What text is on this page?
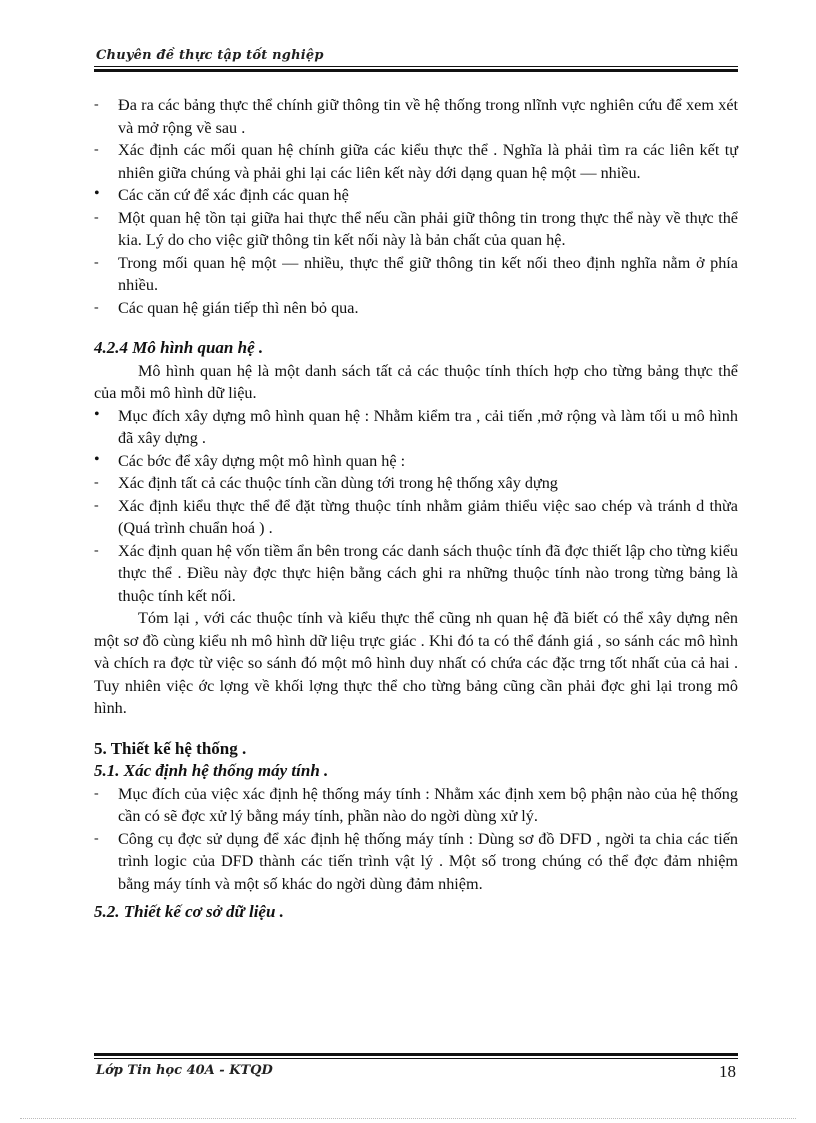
Chuyên đề thực tập tốt nghiệp

-	Đa ra các bảng thực thể chính giữ thông tin về hệ thống trong nlĩnh vực nghiên cứu để xem xét và mở rộng về sau .

-	Xác định các mối quan hệ chính giữa các kiểu thực thể . Nghĩa là phải tìm ra các liên kết tự nhiên giữa chúng và phải ghi lại các liên kết này dới dạng quan hệ một — nhiều.

•	Các căn cứ để xác định các quan hệ

-	Một quan hệ tồn tại giữa hai thực thể nếu cần phải giữ thông tin trong thực thể này về thực thể kia. Lý do cho việc giữ thông tin kết nối này là bản chất của quan hệ.

-	Trong mối quan hệ một — nhiều, thực thể giữ thông tin kết nối theo định nghĩa nằm ở phía nhiều.

-	Các quan hệ gián tiếp thì nên bỏ qua.

4.2.4 Mô hình quan hệ .

Mô hình quan hệ là một danh sách tất cả các thuộc tính thích hợp cho từng bảng thực thể của mỗi mô hình dữ liệu.

•	Mục đích xây dựng mô hình quan hệ : Nhằm kiểm tra , cải tiến ,mở rộng và làm tối u mô hình đã xây dựng .

•	Các bớc để xây dựng một mô hình quan hệ :

-	Xác định tất cả các thuộc tính cần dùng tới trong hệ thống xây dựng

-	Xác định kiểu thực thể để đặt từng thuộc tính nhằm giảm thiểu việc sao chép và tránh d thừa (Quá trình chuẩn hoá ) .

-	Xác định quan hệ vốn tiềm ẩn bên trong các danh sách thuộc tính đã đợc thiết lập cho từng kiểu thực thể . Điều này đợc thực hiện bằng cách ghi ra những thuộc tính nào trong từng bảng là thuộc tính kết nối.

Tóm lại , với các thuộc tính và kiểu thực thể cũng nh quan hệ đã biết có thể xây dựng nên một sơ đồ cùng kiểu nh mô hình dữ liệu trực giác . Khi đó ta có thể đánh giá , so sánh các mô hình và chích ra đợc từ việc so sánh đó một mô hình duy nhất có chứa các đặc trng tốt nhất của cả hai . Tuy nhiên việc ớc lợng về khối lợng thực thể cho từng bảng cũng cần phải đợc ghi lại trong mô hình.

5. Thiết kế hệ thống .

5.1. Xác định hệ thống máy tính .

-	Mục đích của việc xác định hệ thống máy tính : Nhằm xác định xem bộ phận nào của hệ thống cần có sẽ đợc xử lý bằng máy tính, phần nào do ngời dùng xử lý.

-	Công cụ đợc sử dụng để xác định hệ thống máy tính : Dùng sơ đồ DFD , ngời ta chia các tiến trình logic của DFD thành các tiến trình vật lý . Một số trong chúng có thể đợc đảm nhiệm bằng máy tính và một số khác do ngời dùng đảm nhiệm.

5.2. Thiết kế cơ sở dữ liệu .

Lớp Tin học 40A - KTQD	18
